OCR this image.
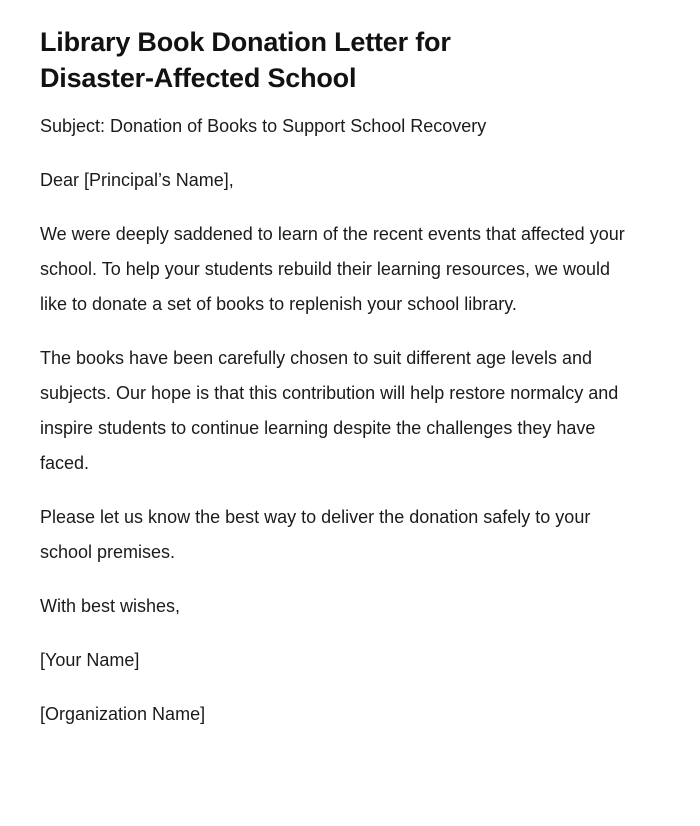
Library Book Donation Letter for
Disaster-Affected School

Subject: Donation of Books to Support School Recovery

Dear [Principal’s Name],

We were deeply saddened to learn of the recent events that affected your school. To help your students rebuild their learning resources, we would like to donate a set of books to replenish your school library.

The books have been carefully chosen to suit different age levels and subjects. Our hope is that this contribution will help restore normalcy and inspire students to continue learning despite the challenges they have faced.

Please let us know the best way to deliver the donation safely to your school premises.

With best wishes,

[Your Name]

[Organization Name]
